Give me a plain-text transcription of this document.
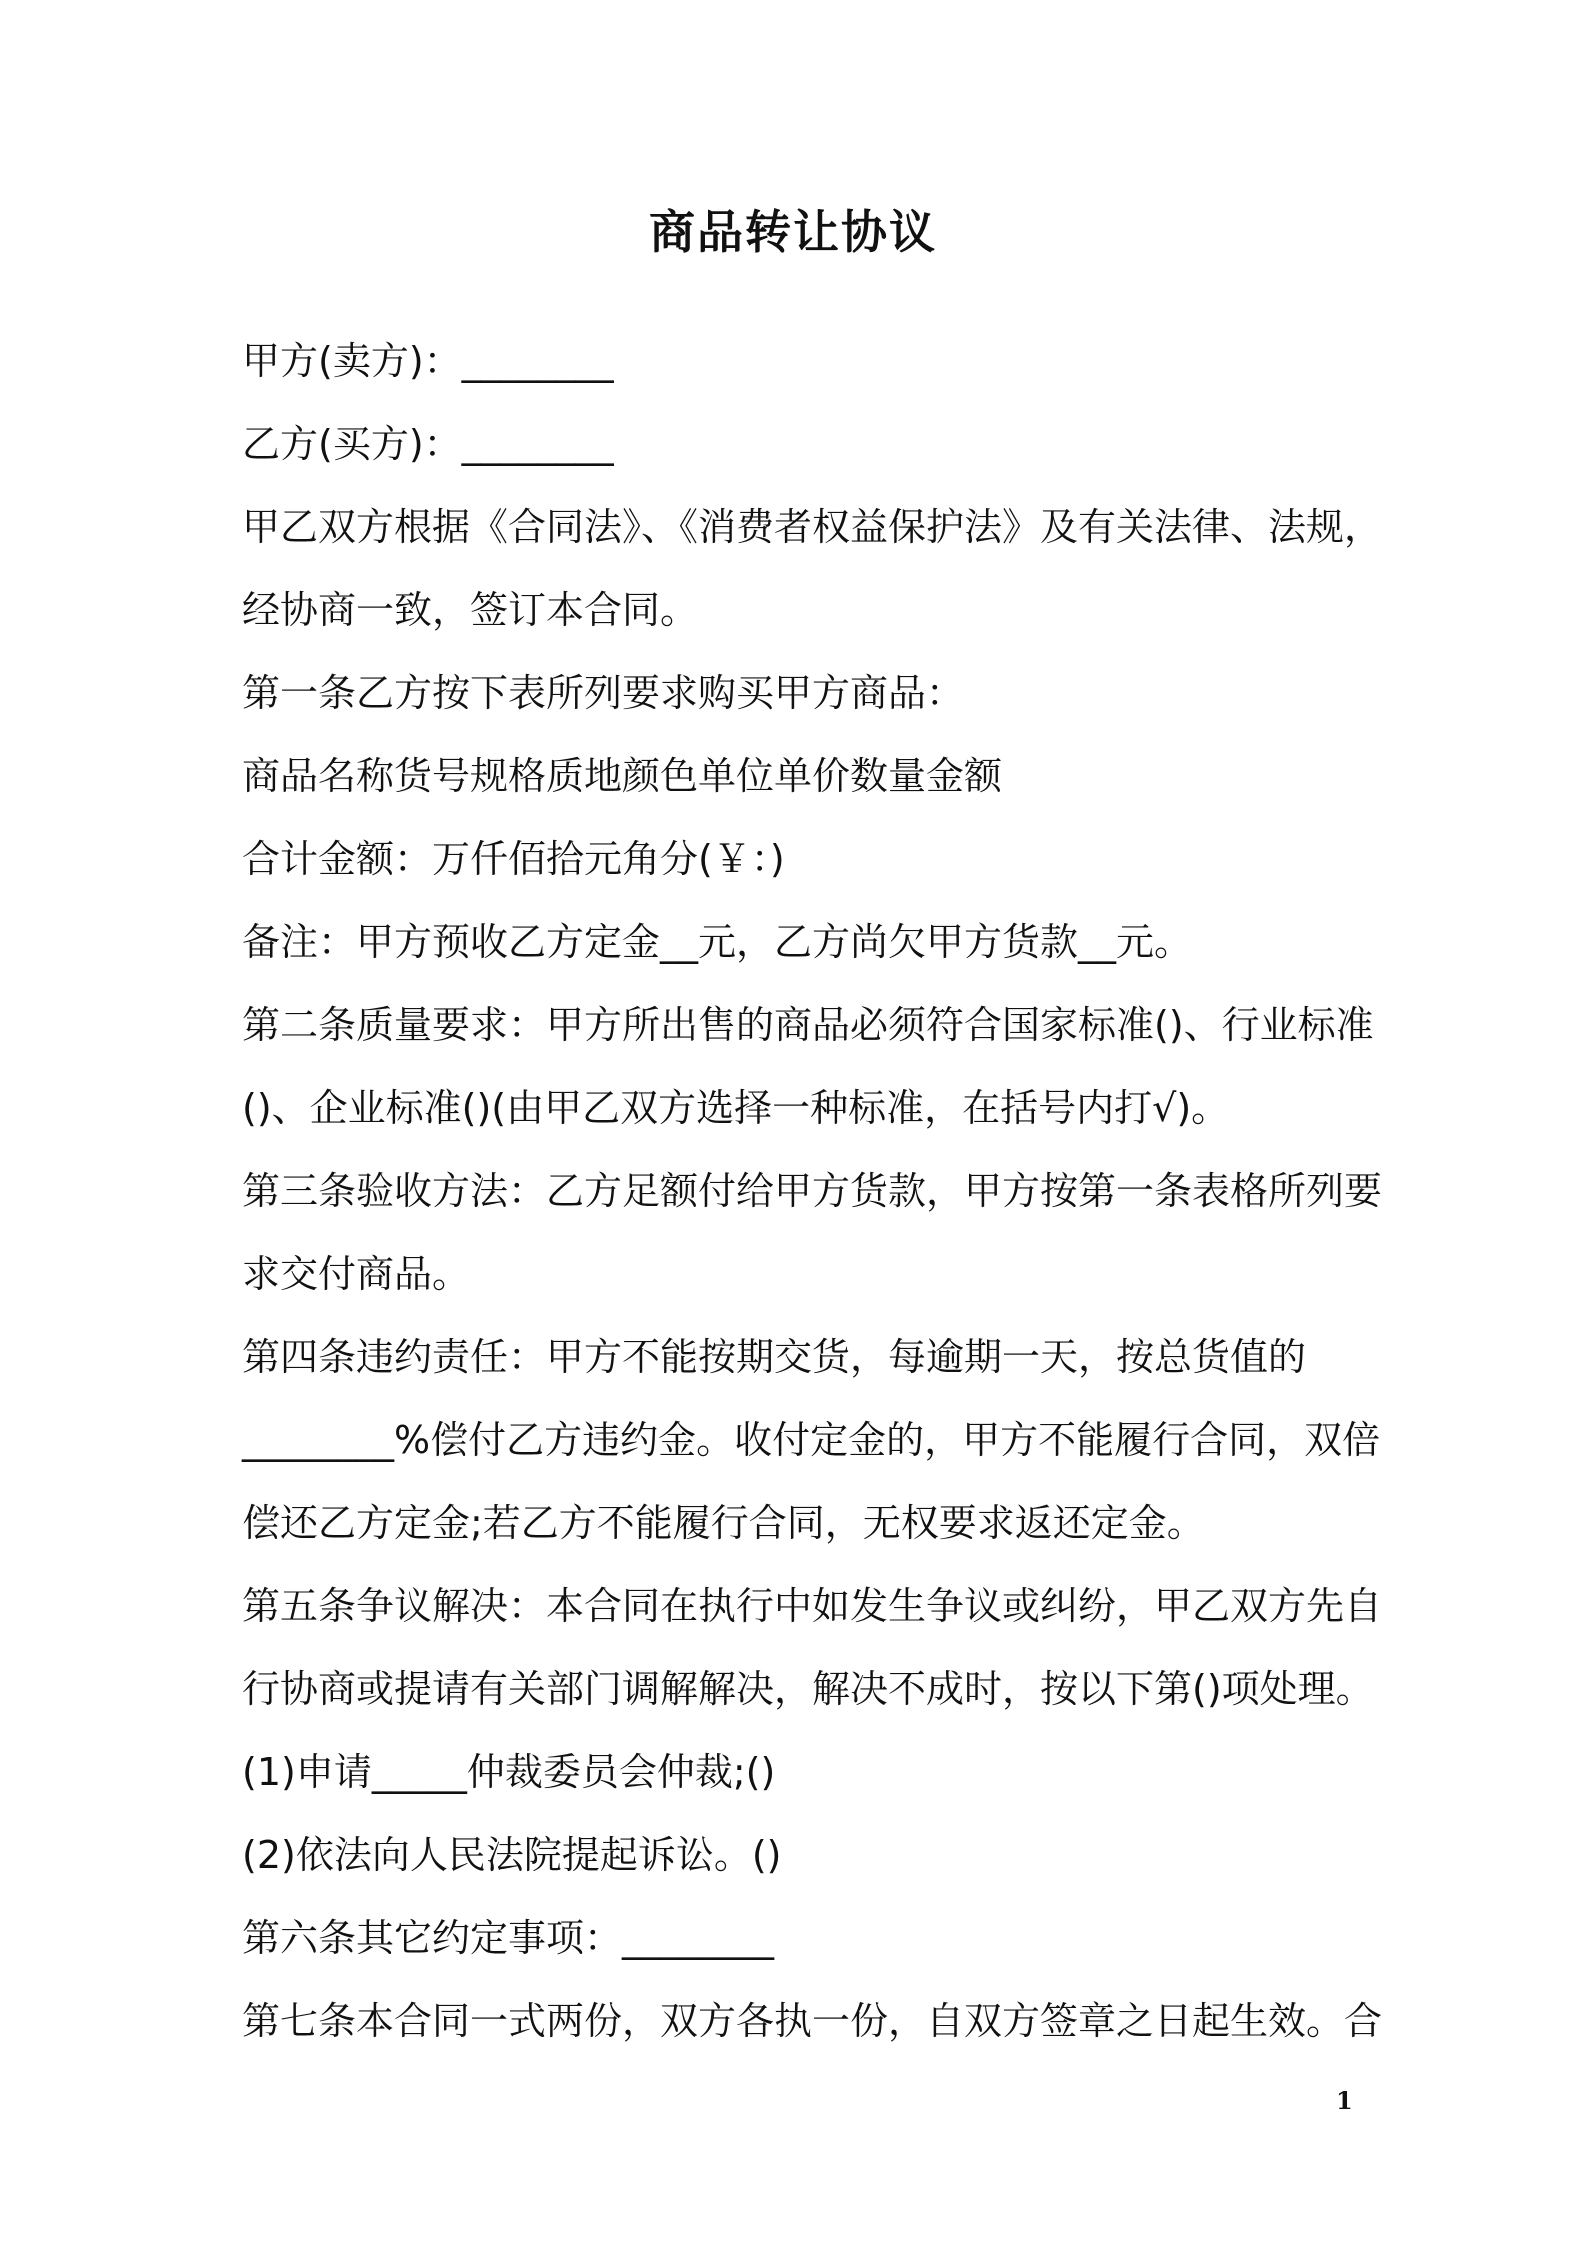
商品转让协议
甲方(卖方)：________
乙方(买方)：________
甲乙双方根据《合同法》、《消费者权益保护法》及有关法律、法规，
经协商一致，签订本合同。
第一条乙方按下表所列要求购买甲方商品：
商品名称货号规格质地颜色单位单价数量金额
合计金额：万仟佰拾元角分(￥：)
备注：甲方预收乙方定金__元，乙方尚欠甲方货款__元。
第二条质量要求：甲方所出售的商品必须符合国家标准()、行业标准
()、企业标准()(由甲乙双方选择一种标准，在括号内打√)。
第三条验收方法：乙方足额付给甲方货款，甲方按第一条表格所列要
求交付商品。
第四条违约责任：甲方不能按期交货，每逾期一天，按总货值的
________%偿付乙方违约金。收付定金的，甲方不能履行合同，双倍
偿还乙方定金;若乙方不能履行合同，无权要求返还定金。
第五条争议解决：本合同在执行中如发生争议或纠纷，甲乙双方先自
行协商或提请有关部门调解解决，解决不成时，按以下第()项处理。
(1)申请_____仲裁委员会仲裁;()
(2)依法向人民法院提起诉讼。()
第六条其它约定事项：________
第七条本合同一式两份，双方各执一份，自双方签章之日起生效。合
1
